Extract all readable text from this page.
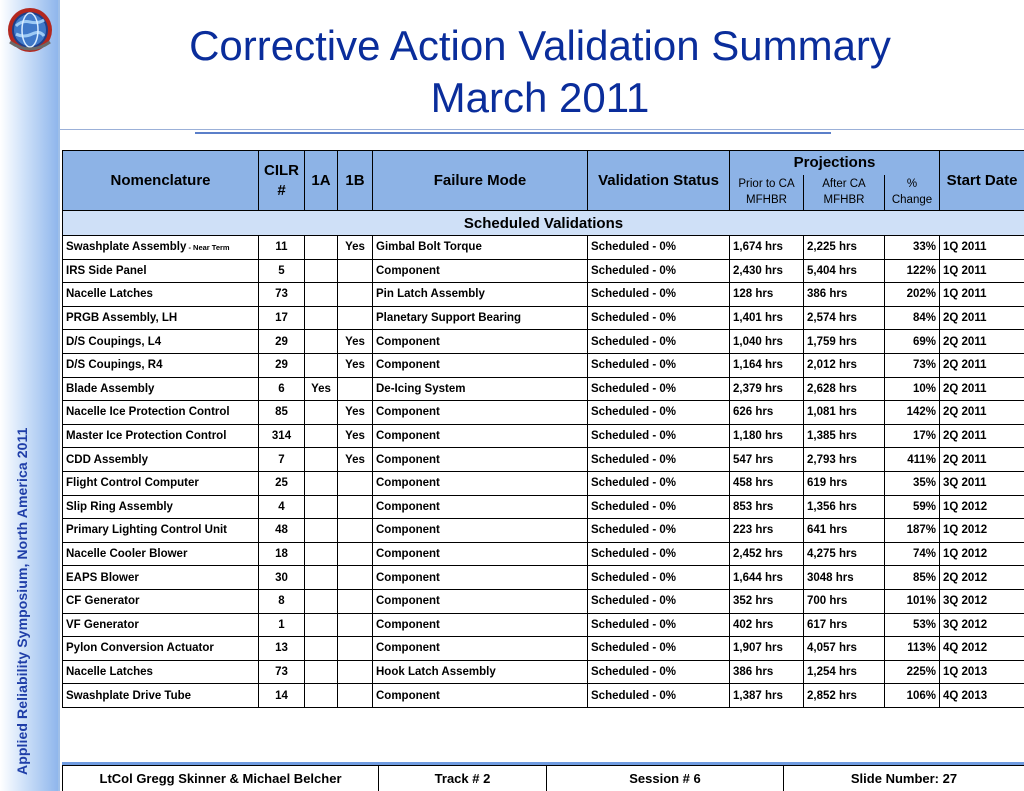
Applied Reliability Symposium, North America 2011
Corrective Action Validation Summary
March 2011
Nomenclature	CILR #	1A	1B	Failure Mode	Validation Status	Projections			Start Date
						Prior to CA MFHBR	After CA MFHBR	% Change	
Scheduled Validations									
Swashplate Assembly - Near Term	11		Yes	Gimbal Bolt Torque	Scheduled - 0%	1,674 hrs	2,225 hrs	33%	1Q 2011
IRS Side Panel	5			Component	Scheduled - 0%	2,430 hrs	5,404 hrs	122%	1Q 2011
Nacelle Latches	73			Pin Latch Assembly	Scheduled - 0%	128 hrs	386 hrs	202%	1Q 2011
PRGB Assembly, LH	17			Planetary Support Bearing	Scheduled - 0%	1,401 hrs	2,574 hrs	84%	2Q 2011
D/S Coupings, L4	29		Yes	Component	Scheduled - 0%	1,040 hrs	1,759 hrs	69%	2Q 2011
D/S Coupings, R4	29		Yes	Component	Scheduled - 0%	1,164 hrs	2,012 hrs	73%	2Q 2011
Blade Assembly	6	Yes		De-Icing System	Scheduled - 0%	2,379 hrs	2,628 hrs	10%	2Q 2011
Nacelle Ice Protection Control	85		Yes	Component	Scheduled - 0%	626 hrs	1,081 hrs	142%	2Q 2011
Master Ice Protection Control	314		Yes	Component	Scheduled - 0%	1,180 hrs	1,385 hrs	17%	2Q 2011
CDD Assembly	7		Yes	Component	Scheduled - 0%	547 hrs	2,793 hrs	411%	2Q 2011
Flight Control Computer	25			Component	Scheduled - 0%	458 hrs	619 hrs	35%	3Q 2011
Slip Ring Assembly	4			Component	Scheduled - 0%	853 hrs	1,356 hrs	59%	1Q 2012
Primary Lighting Control Unit	48			Component	Scheduled - 0%	223 hrs	641 hrs	187%	1Q 2012
Nacelle Cooler Blower	18			Component	Scheduled - 0%	2,452 hrs	4,275 hrs	74%	1Q 2012
EAPS Blower	30			Component	Scheduled - 0%	1,644 hrs	3048 hrs	85%	2Q 2012
CF Generator	8			Component	Scheduled - 0%	352 hrs	700 hrs	101%	3Q 2012
VF Generator	1			Component	Scheduled - 0%	402 hrs	617 hrs	53%	3Q 2012
Pylon Conversion Actuator	13			Component	Scheduled - 0%	1,907 hrs	4,057 hrs	113%	4Q 2012
Nacelle Latches	73			Hook Latch Assembly	Scheduled - 0%	386 hrs	1,254 hrs	225%	1Q 2013
Swashplate Drive Tube	14			Component	Scheduled - 0%	1,387 hrs	2,852 hrs	106%	4Q 2013
LtCol Gregg Skinner & Michael Belcher	Track # 2	Session # 6	Slide Number: 27
